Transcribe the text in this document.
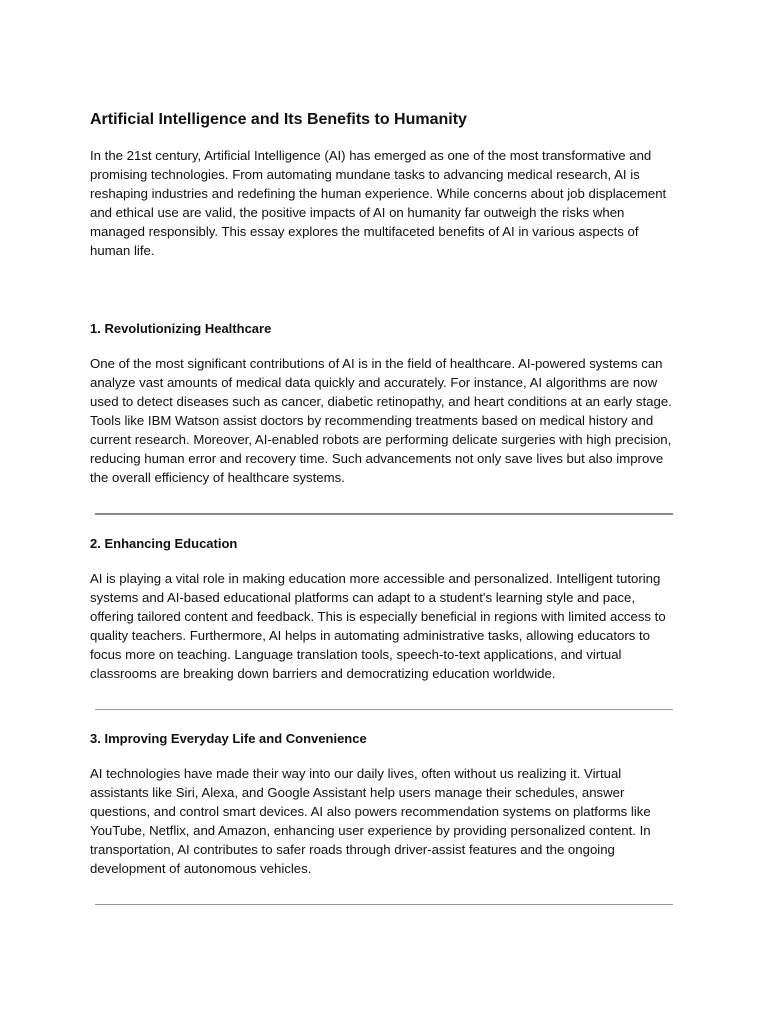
Artificial Intelligence and Its Benefits to Humanity

In the 21st century, Artificial Intelligence (AI) has emerged as one of the most transformative and promising technologies. From automating mundane tasks to advancing medical research, AI is reshaping industries and redefining the human experience. While concerns about job displacement and ethical use are valid, the positive impacts of AI on humanity far outweigh the risks when managed responsibly. This essay explores the multifaceted benefits of AI in various aspects of human life.

1. Revolutionizing Healthcare

One of the most significant contributions of AI is in the field of healthcare. AI-powered systems can analyze vast amounts of medical data quickly and accurately. For instance, AI algorithms are now used to detect diseases such as cancer, diabetic retinopathy, and heart conditions at an early stage. Tools like IBM Watson assist doctors by recommending treatments based on medical history and current research. Moreover, AI-enabled robots are performing delicate surgeries with high precision, reducing human error and recovery time. Such advancements not only save lives but also improve the overall efficiency of healthcare systems.

2. Enhancing Education

AI is playing a vital role in making education more accessible and personalized. Intelligent tutoring systems and AI-based educational platforms can adapt to a student's learning style and pace, offering tailored content and feedback. This is especially beneficial in regions with limited access to quality teachers. Furthermore, AI helps in automating administrative tasks, allowing educators to focus more on teaching. Language translation tools, speech-to-text applications, and virtual classrooms are breaking down barriers and democratizing education worldwide.

3. Improving Everyday Life and Convenience

AI technologies have made their way into our daily lives, often without us realizing it. Virtual assistants like Siri, Alexa, and Google Assistant help users manage their schedules, answer questions, and control smart devices. AI also powers recommendation systems on platforms like YouTube, Netflix, and Amazon, enhancing user experience by providing personalized content. In transportation, AI contributes to safer roads through driver-assist features and the ongoing development of autonomous vehicles.
